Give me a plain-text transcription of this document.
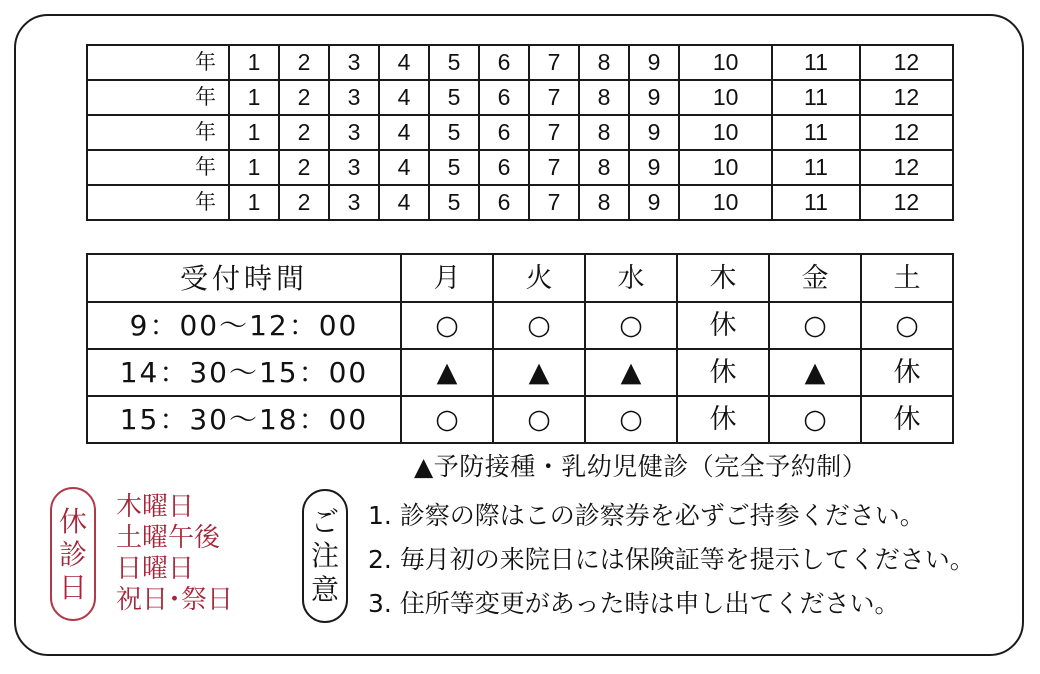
年	1	2	3	4	5	6	7	8	9	10	11	12
年	1	2	3	4	5	6	7	8	9	10	11	12
年	1	2	3	4	5	6	7	8	9	10	11	12
年	1	2	3	4	5	6	7	8	9	10	11	12
年	1	2	3	4	5	6	7	8	9	10	11	12
受付時間	月	火	水	木	金	土
9：00～12：00	○	○	○	休	○	○
14：30～15：00	▲	▲	▲	休	▲	休
15：30～18：00	○	○	○	休	○	休
▲予防接種・乳幼児健診（完全予約制）
休
診
日
木曜日
土曜午後
日曜日
祝日･祭日
ご
注
意
1. 診察の際はこの診察券を必ずご持参ください。
2. 毎月初の来院日には保険証等を提示してください。
3. 住所等変更があった時は申し出てください。
